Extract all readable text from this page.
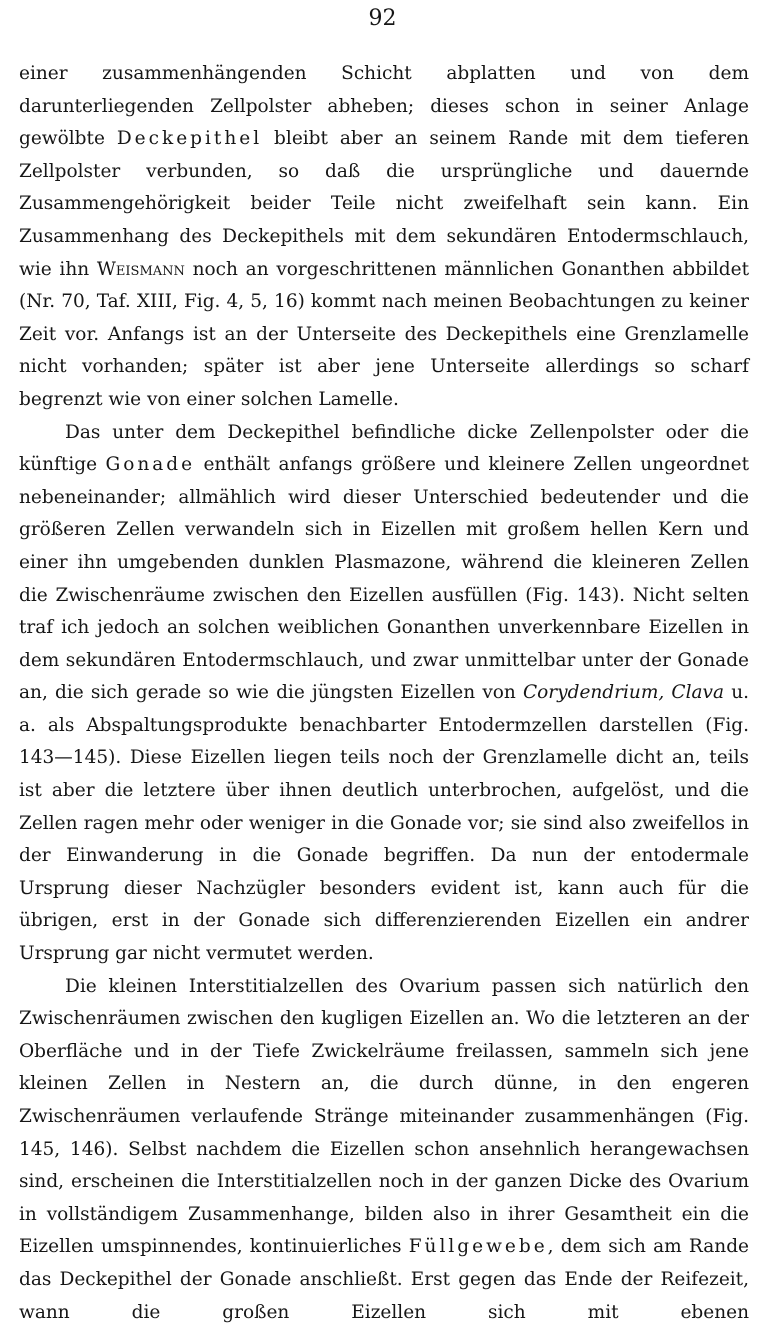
92

einer zusammenhängenden Schicht abplatten und von dem darunterliegenden Zellpolster abheben; dieses schon in seiner Anlage gewölbte Deckepithel bleibt aber an seinem Rande mit dem tieferen Zellpolster verbunden, so daß die ursprüngliche und dauernde Zusammengehörigkeit beider Teile nicht zweifelhaft sein kann. Ein Zusammenhang des Deckepithels mit dem sekundären Entodermschlauch, wie ihn Weismann noch an vorgeschrittenen männlichen Gonanthen abbildet (Nr. 70, Taf. XIII, Fig. 4, 5, 16) kommt nach meinen Beobachtungen zu keiner Zeit vor. Anfangs ist an der Unterseite des Deckepithels eine Grenzlamelle nicht vorhanden; später ist aber jene Unterseite allerdings so scharf begrenzt wie von einer solchen Lamelle.

Das unter dem Deckepithel befindliche dicke Zellenpolster oder die künftige Gonade enthält anfangs größere und kleinere Zellen ungeordnet nebeneinander; allmählich wird dieser Unterschied bedeutender und die größeren Zellen verwandeln sich in Eizellen mit großem hellen Kern und einer ihn umgebenden dunklen Plasmazone, während die kleineren Zellen die Zwischenräume zwischen den Eizellen ausfüllen (Fig. 143). Nicht selten traf ich jedoch an solchen weiblichen Gonanthen unverkennbare Eizellen in dem sekundären Entodermschlauch, und zwar unmittelbar unter der Gonade an, die sich gerade so wie die jüngsten Eizellen von Corydendrium, Clava u. a. als Abspaltungsprodukte benachbarter Entodermzellen darstellen (Fig. 143—145). Diese Eizellen liegen teils noch der Grenzlamelle dicht an, teils ist aber die letztere über ihnen deutlich unterbrochen, aufgelöst, und die Zellen ragen mehr oder weniger in die Gonade vor; sie sind also zweifellos in der Einwanderung in die Gonade begriffen. Da nun der entodermale Ursprung dieser Nachzügler besonders evident ist, kann auch für die übrigen, erst in der Gonade sich differenzierenden Eizellen ein andrer Ursprung gar nicht vermutet werden.

Die kleinen Interstitialzellen des Ovarium passen sich natürlich den Zwischenräumen zwischen den kugligen Eizellen an. Wo die letzteren an der Oberfläche und in der Tiefe Zwickelräume freilassen, sammeln sich jene kleinen Zellen in Nestern an, die durch dünne, in den engeren Zwischenräumen verlaufende Stränge miteinander zusammenhängen (Fig. 145, 146). Selbst nachdem die Eizellen schon ansehnlich herangewachsen sind, erscheinen die Interstitialzellen noch in der ganzen Dicke des Ovarium in vollständigem Zusammenhange, bilden also in ihrer Gesamtheit ein die Eizellen umspinnendes, kontinuierliches Füllgewebe, dem sich am Rande das Deckepithel der Gonade anschließt. Erst gegen das Ende der Reifezeit, wann die großen Eizellen sich mit ebenen
